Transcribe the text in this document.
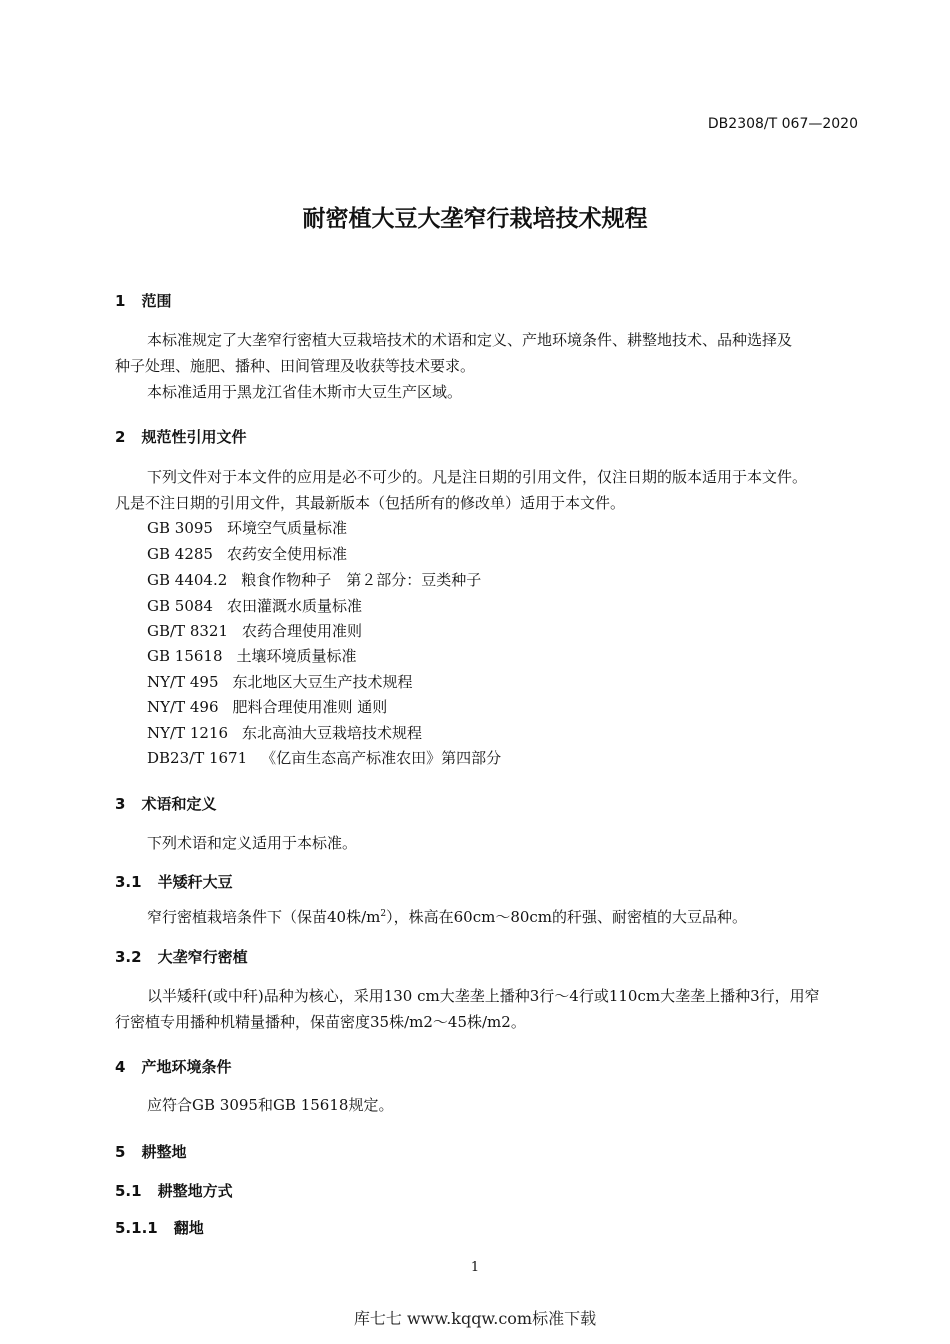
DB2308/T 067—2020
耐密植大豆大垄窄行栽培技术规程
1 范围
本标准规定了大垄窄行密植大豆栽培技术的术语和定义、产地环境条件、耕整地技术、品种选择及
种子处理、施肥、播种、田间管理及收获等技术要求。
本标准适用于黑龙江省佳木斯市大豆生产区域。
2 规范性引用文件
下列文件对于本文件的应用是必不可少的。凡是注日期的引用文件，仅注日期的版本适用于本文件。
凡是不注日期的引用文件，其最新版本（包括所有的修改单）适用于本文件。
GB 3095 环境空气质量标准
GB 4285 农药安全使用标准
GB 4404.2 粮食作物种子　第２部分：豆类种子
GB 5084 农田灌溉水质量标准
GB/T 8321 农药合理使用准则
GB 15618 土壤环境质量标准
NY/T 495 东北地区大豆生产技术规程
NY/T 496 肥料合理使用准则 通则
NY/T 1216 东北高油大豆栽培技术规程
DB23/T 1671 《亿亩生态高产标准农田》第四部分
3 术语和定义
下列术语和定义适用于本标准。
3.1 半矮秆大豆
窄行密植栽培条件下（保苗40株$/m^2$），株高在60cm～80cm的秆强、耐密植的大豆品种。
3.2 大垄窄行密植
以半矮秆(或中秆)品种为核心，采用130 cm大垄垄上播种3行～4行或110cm大垄垄上播种3行，用窄
行密植专用播种机精量播种，保苗密度35株/m2～45株/m2。
4 产地环境条件
应符合GB 3095和GB 15618规定。
5 耕整地
5.1 耕整地方式
5.1.1 翻地
1
库七七 www.kqqw.com标准下载
